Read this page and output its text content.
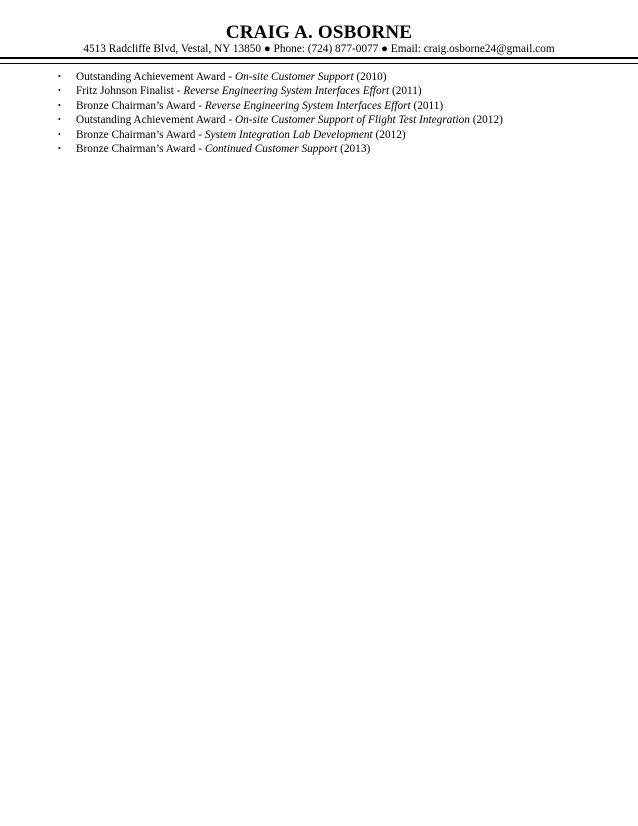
CRAIG A. OSBORNE
4513 Radcliffe Blvd, Vestal, NY 13850 ● Phone: (724) 877-0077 ● Email: craig.osborne24@gmail.com
• Outstanding Achievement Award - On-site Customer Support (2010)
• Fritz Johnson Finalist - Reverse Engineering System Interfaces Effort (2011)
• Bronze Chairman’s Award - Reverse Engineering System Interfaces Effort (2011)
• Outstanding Achievement Award - On-site Customer Support of Flight Test Integration (2012)
• Bronze Chairman’s Award - System Integration Lab Development (2012)
• Bronze Chairman’s Award - Continued Customer Support (2013)
